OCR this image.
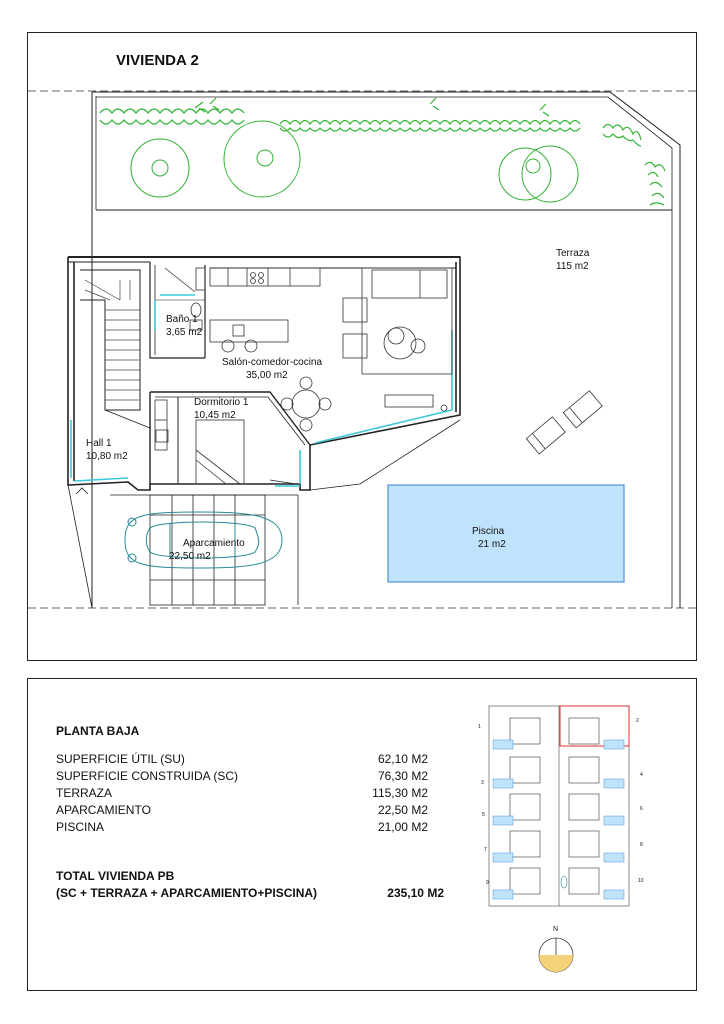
VIVIENDA 2
Terraza
115 m2
Baño 1
3,65 m2
Salón-comedor-cocina
35,00 m2
Dormitorio 1
10,45 m2
Hall 1
10,80 m2
Aparcamiento
22,50 m2
Piscina
21 m2
PLANTA BAJA
SUPERFICIE ÚTIL (SU)	62,10 M2
SUPERFICIE CONSTRUIDA (SC)	76,30 M2
TERRAZA	115,30 M2
APARCAMIENTO	22,50 M2
PISCINA	21,00 M2
TOTAL VIVIENDA PB
(SC + TERRAZA + APARCAMIENTO+PISCINA)	235,10 M2
1
2
3
4
5
6
7
8
9	10
N
